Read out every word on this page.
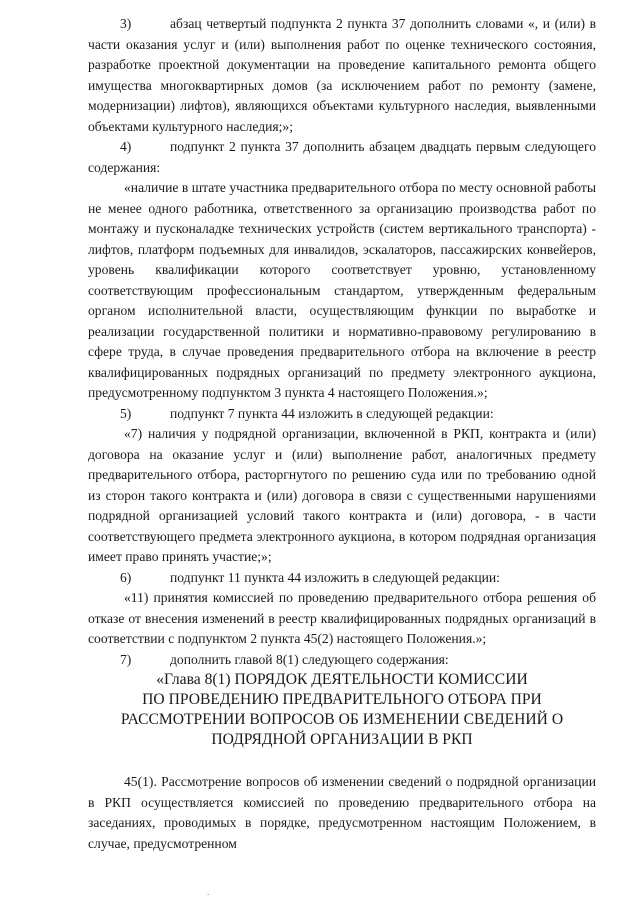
3)	абзац четвертый подпункта 2 пункта 37 дополнить словами «, и (или) в части оказания услуг и (или) выполнения работ по оценке технического состояния, разработке проектной документации на проведение капитального ремонта общего имущества многоквартирных домов (за исключением работ по ремонту (замене, модернизации) лифтов), являющихся объектами культурного наследия, выявленными объектами культурного наследия;»;

4)	подпункт 2 пункта 37 дополнить абзацем двадцать первым следующего содержания:

«наличие в штате участника предварительного отбора по месту основной работы не менее одного работника, ответственного за организацию производства работ по монтажу и пусконаладке технических устройств (систем вертикального транспорта) - лифтов, платформ подъемных для инвалидов, эскалаторов, пассажирских конвейеров, уровень квалификации которого соответствует уровню, установленному соответствующим профессиональным стандартом, утвержденным федеральным органом исполнительной власти, осуществляющим функции по выработке и реализации государственной политики и нормативно-правовому регулированию в сфере труда, в случае проведения предварительного отбора на включение в реестр квалифицированных подрядных организаций по предмету электронного аукциона, предусмотренному подпунктом 3 пункта 4 настоящего Положения.»;

5)	подпункт 7 пункта 44 изложить в следующей редакции:

«7) наличия у подрядной организации, включенной в РКП, контракта и (или) договора на оказание услуг и (или) выполнение работ, аналогичных предмету предварительного отбора, расторгнутого по решению суда или по требованию одной из сторон такого контракта и (или) договора в связи с существенными нарушениями подрядной организацией условий такого контракта и (или) договора, - в части соответствующего предмета электронного аукциона, в котором подрядная организация имеет право принять участие;»;

6)	подпункт 11 пункта 44 изложить в следующей редакции:

«11) принятия комиссией по проведению предварительного отбора решения об отказе от внесения изменений в реестр квалифицированных подрядных организаций в соответствии с подпунктом 2 пункта 45(2) настоящего Положения.»;

7)	дополнить главой 8(1) следующего содержания:

«Глава 8(1) ПОРЯДОК ДЕЯТЕЛЬНОСТИ КОМИССИИ

ПО ПРОВЕДЕНИЮ ПРЕДВАРИТЕЛЬНОГО ОТБОРА ПРИ

РАССМОТРЕНИИ ВОПРОСОВ ОБ ИЗМЕНЕНИИ СВЕДЕНИЙ О

ПОДРЯДНОЙ ОРГАНИЗАЦИИ В РКП

45(1). Рассмотрение вопросов об изменении сведений о подрядной организации в РКП осуществляется комиссией по проведению предварительного отбора на заседаниях, проводимых в порядке, предусмотренном настоящим Положением, в случае, предусмотренном

.
